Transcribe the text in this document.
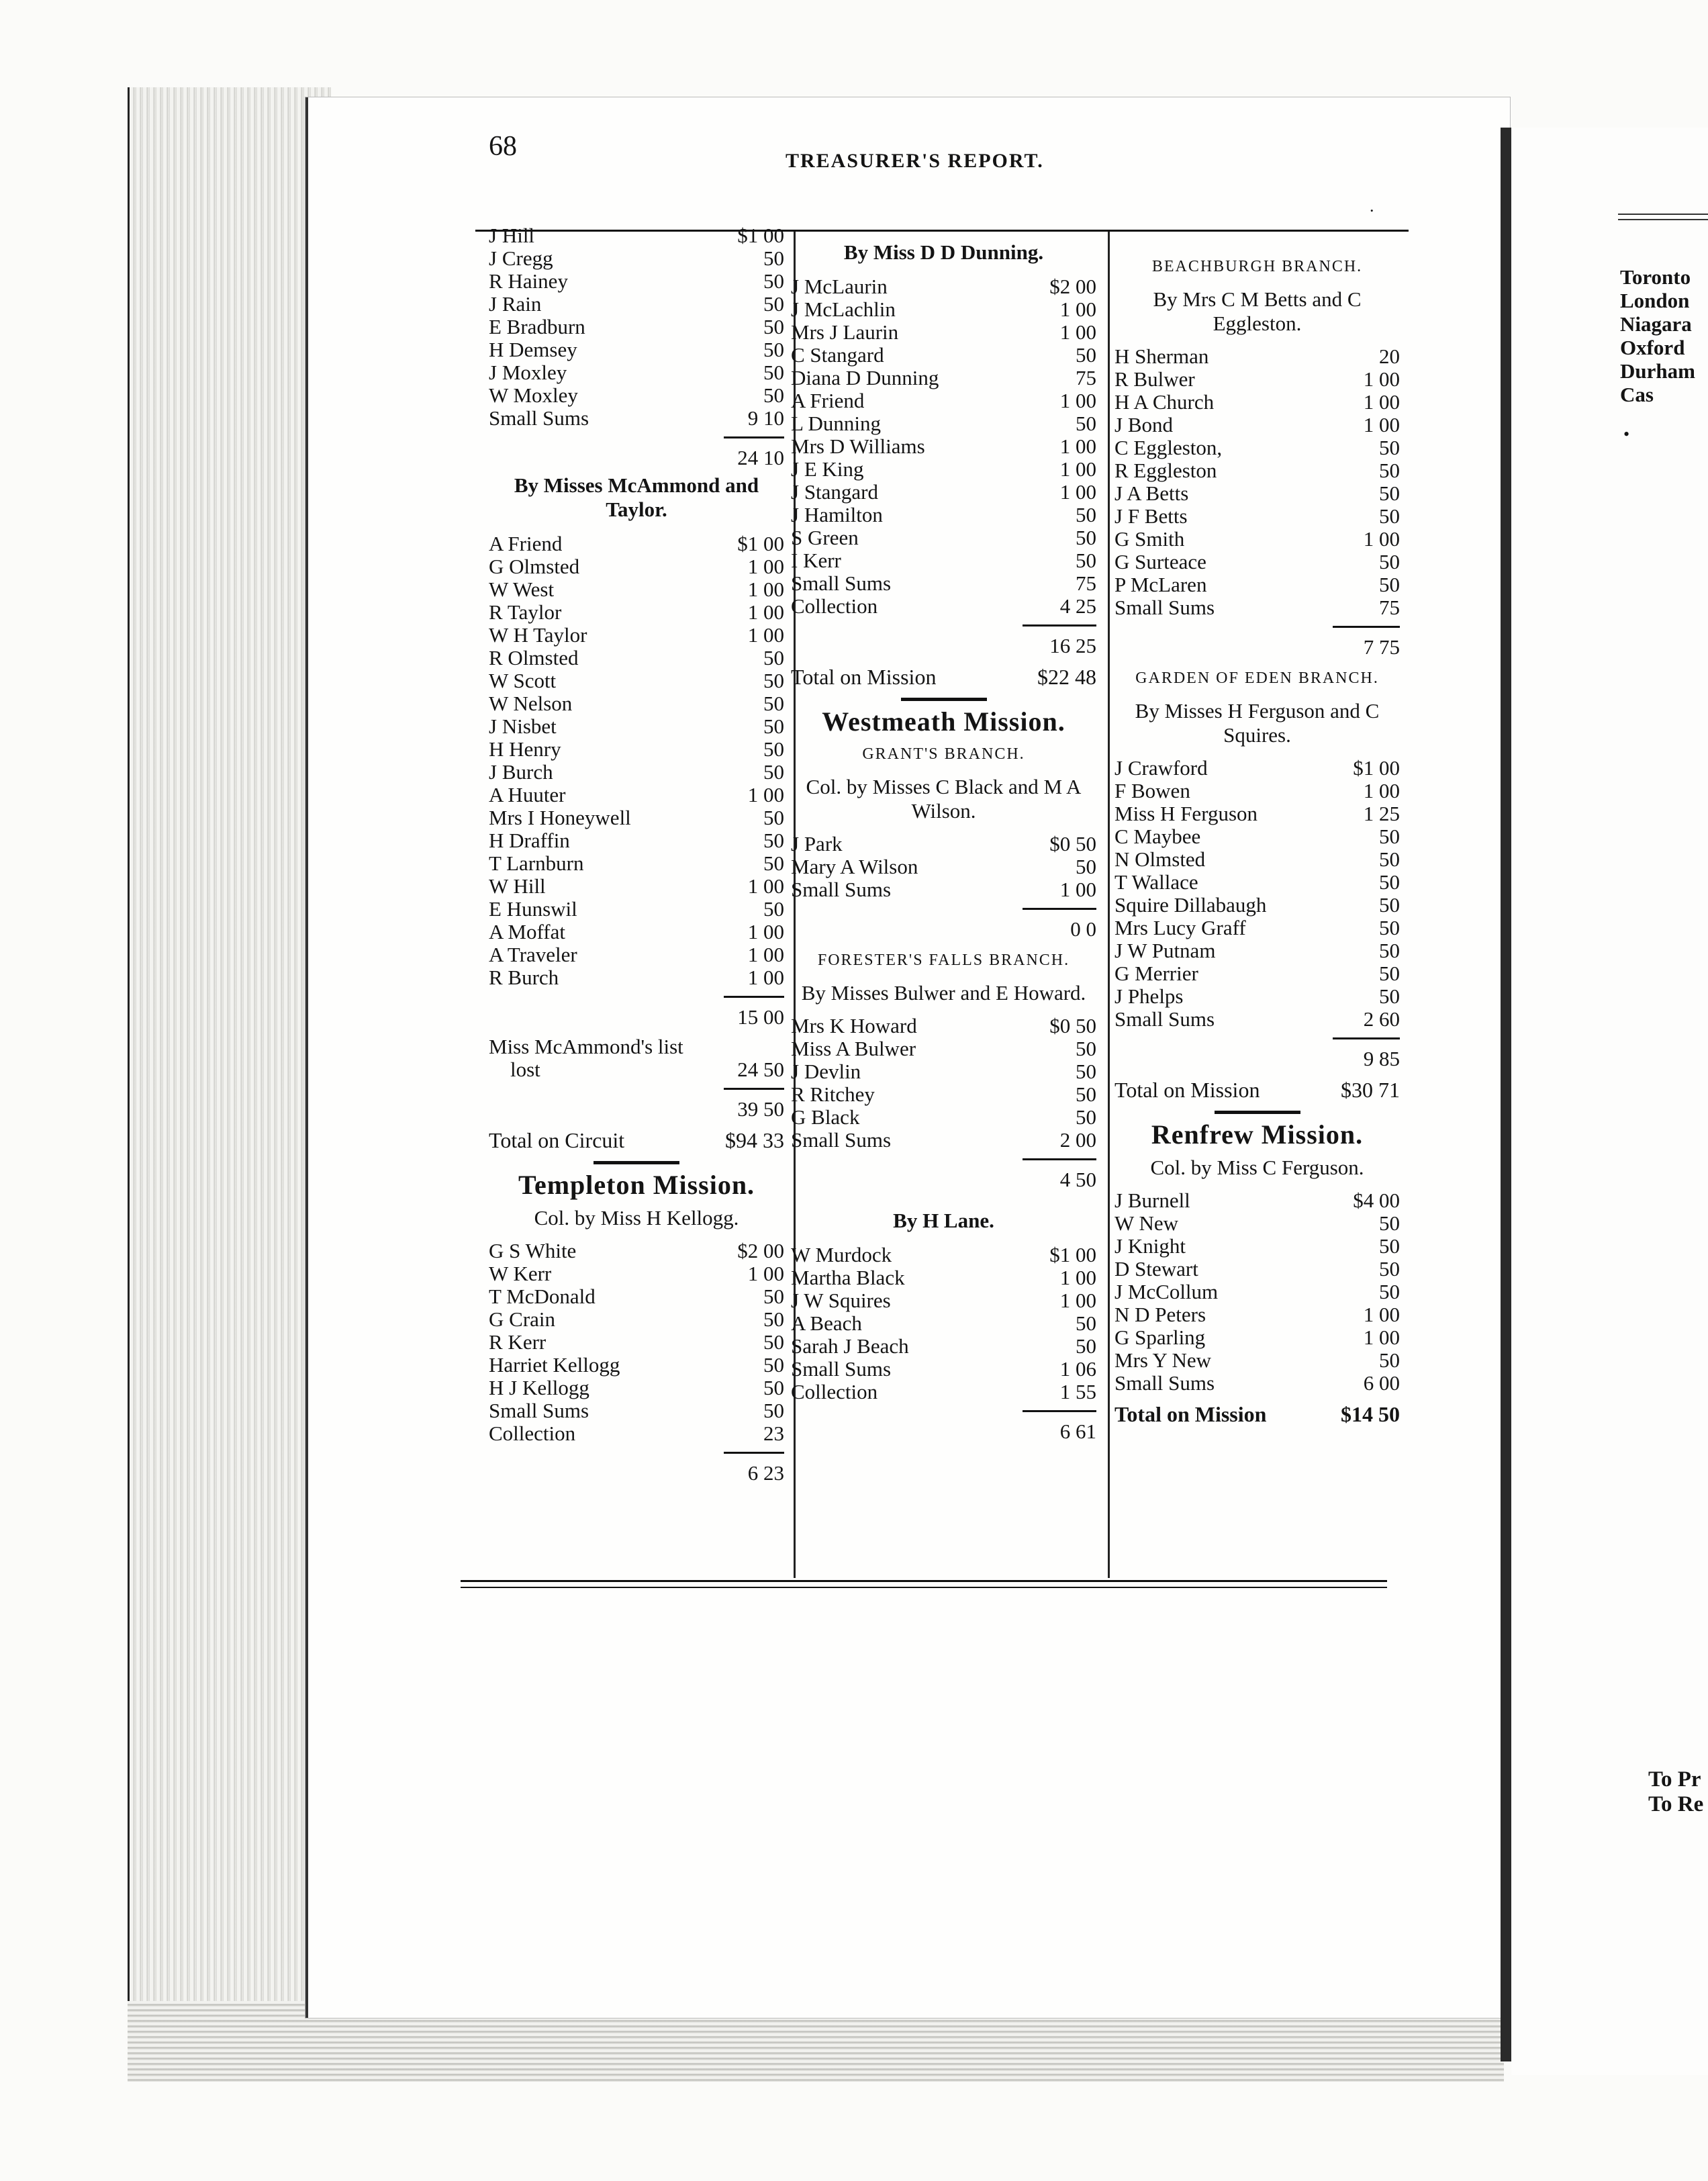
Toronto
London
Niagara
Oxford
Durham
Cas
•
To Pr
To Re
68	TREASURER'S REPORT.
.
J Hill	$1 00
J Cregg	50
R Hainey	50
J Rain	50
E Bradburn	50
H Demsey	50
J Moxley	50
W Moxley	50
Small Sums	9 10
24 10
By Misses McAmmond and Taylor.
A Friend	$1 00
G Olmsted	1 00
W West	1 00
R Taylor	1 00
W H Taylor	1 00
R Olmsted	50
W Scott	50
W Nelson	50
J Nisbet	50
H Henry	50
J Burch	50
A Huuter	1 00
Mrs I Honeywell	50
H Draffin	50
T Larnburn	50
W Hill	1 00
E Hunswil	50
A Moffat	1 00
A Traveler	1 00
R Burch	1 00
15 00
Miss McAmmond's list
lost	24 50
39 50
Total on Circuit	$94 33
Templeton Mission.
Col. by Miss H Kellogg.
G S White	$2 00
W Kerr	1 00
T McDonald	50
G Crain	50
R Kerr	50
Harriet Kellogg	50
H J Kellogg	50
Small Sums	50
Collection	23
6 23
By Miss D D Dunning.
J McLaurin	$2 00
J McLachlin	1 00
Mrs J Laurin	1 00
C Stangard	50
Diana D Dunning	75
A Friend	1 00
L Dunning	50
Mrs D Williams	1 00
J E King	1 00
J Stangard	1 00
J Hamilton	50
S Green	50
I Kerr	50
Small Sums	75
Collection	4 25
16 25
Total on Mission	$22 48
Westmeath Mission.
GRANT'S BRANCH.
Col. by Misses C Black and M A Wilson.
J Park	$0 50
Mary A Wilson	50
Small Sums	1 00
0 0
FORESTER'S FALLS BRANCH.
By Misses Bulwer and E Howard.
Mrs K Howard	$0 50
Miss A Bulwer	50
J Devlin	50
R Ritchey	50
G Black	50
Small Sums	2 00
4 50
By H Lane.
W Murdock	$1 00
Martha Black	1 00
J W Squires	1 00
A Beach	50
Sarah J Beach	50
Small Sums	1 06
Collection	1 55
6 61
BEACHBURGH BRANCH.
By Mrs C M Betts and C Eggleston.
H Sherman	20
R Bulwer	1 00
H A Church	1 00
J Bond	1 00
C Eggleston,	50
R Eggleston	50
J A Betts	50
J F Betts	50
G Smith	1 00
G Surteace	50
P McLaren	50
Small Sums	75
7 75
GARDEN OF EDEN BRANCH.
By Misses H Ferguson and C Squires.
J Crawford	$1 00
F Bowen	1 00
Miss H Ferguson	1 25
C Maybee	50
N Olmsted	50
T Wallace	50
Squire Dillabaugh	50
Mrs Lucy Graff	50
J W Putnam	50
G Merrier	50
J Phelps	50
Small Sums	2 60
9 85
Total on Mission	$30 71
Renfrew Mission.
Col. by Miss C Ferguson.
J Burnell	$4 00
W New	50
J Knight	50
D Stewart	50
J McCollum	50
N D Peters	1 00
G Sparling	1 00
Mrs Y New	50
Small Sums	6 00
Total on Mission	$14 50
